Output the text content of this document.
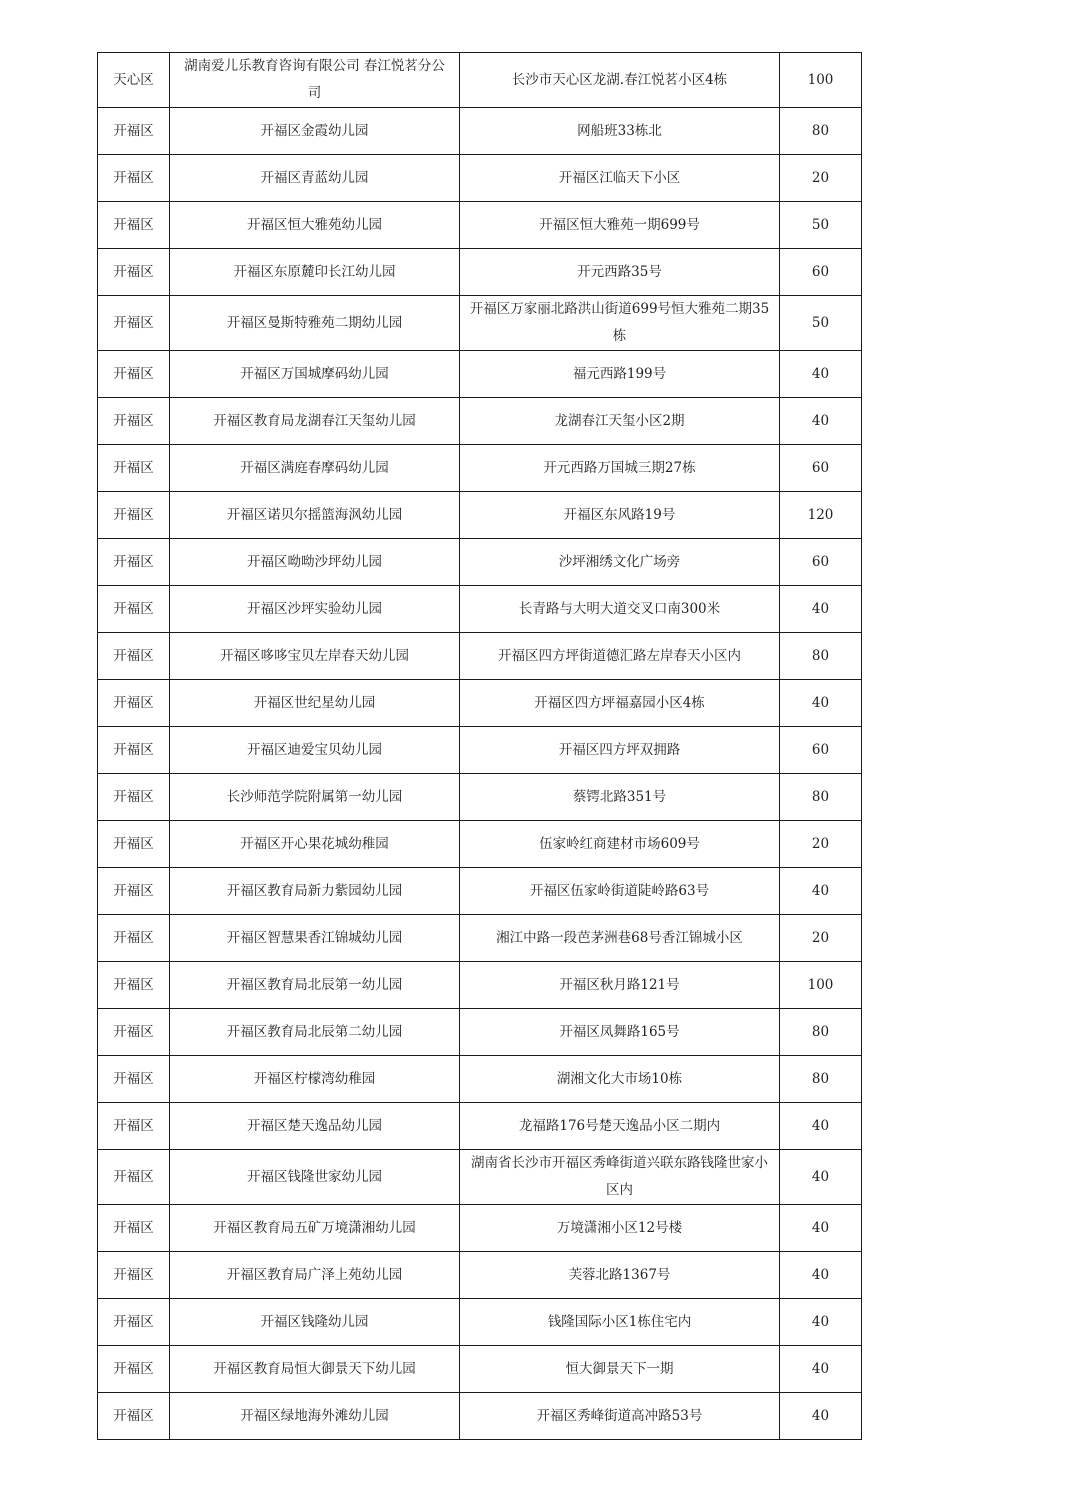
天心区	湖南爱儿乐教育咨询有限公司 春江悦茗分公司	长沙市天心区龙湖.春江悦茗小区4栋	100
开福区	开福区金霞幼儿园	网船班33栋北	80
开福区	开福区青蓝幼儿园	开福区江临天下小区	20
开福区	开福区恒大雅苑幼儿园	开福区恒大雅苑一期699号	50
开福区	开福区东原麓印长江幼儿园	开元西路35号	60
开福区	开福区曼斯特雅苑二期幼儿园	开福区万家丽北路洪山街道699号恒大雅苑二期35栋	50
开福区	开福区万国城摩码幼儿园	福元西路199号	40
开福区	开福区教育局龙湖春江天玺幼儿园	龙湖春江天玺小区2期	40
开福区	开福区满庭春摩码幼儿园	开元西路万国城三期27栋	60
开福区	开福区诺贝尔摇篮海沨幼儿园	开福区东风路19号	120
开福区	开福区呦呦沙坪幼儿园	沙坪湘绣文化广场旁	60
开福区	开福区沙坪实验幼儿园	长青路与大明大道交叉口南300米	40
开福区	开福区哆哆宝贝左岸春天幼儿园	开福区四方坪街道德汇路左岸春天小区内	80
开福区	开福区世纪星幼儿园	开福区四方坪福嘉园小区4栋	40
开福区	开福区迪爱宝贝幼儿园	开福区四方坪双拥路	60
开福区	长沙师范学院附属第一幼儿园	蔡锷北路351号	80
开福区	开福区开心果花城幼稚园	伍家岭红商建材市场609号	20
开福区	开福区教育局新力紫园幼儿园	开福区伍家岭街道陡岭路63号	40
开福区	开福区智慧果香江锦城幼儿园	湘江中路一段芭茅洲巷68号香江锦城小区	20
开福区	开福区教育局北辰第一幼儿园	开福区秋月路121号	100
开福区	开福区教育局北辰第二幼儿园	开福区凤舞路165号	80
开福区	开福区柠檬湾幼稚园	湖湘文化大市场10栋	80
开福区	开福区楚天逸品幼儿园	龙福路176号楚天逸品小区二期内	40
开福区	开福区钱隆世家幼儿园	湖南省长沙市开福区秀峰街道兴联东路钱隆世家小区内	40
开福区	开福区教育局五矿万境潇湘幼儿园	万境潇湘小区12号楼	40
开福区	开福区教育局广泽上苑幼儿园	芙蓉北路1367号	40
开福区	开福区钱隆幼儿园	钱隆国际小区1栋住宅内	40
开福区	开福区教育局恒大御景天下幼儿园	恒大御景天下一期	40
开福区	开福区绿地海外滩幼儿园	开福区秀峰街道高冲路53号	40
